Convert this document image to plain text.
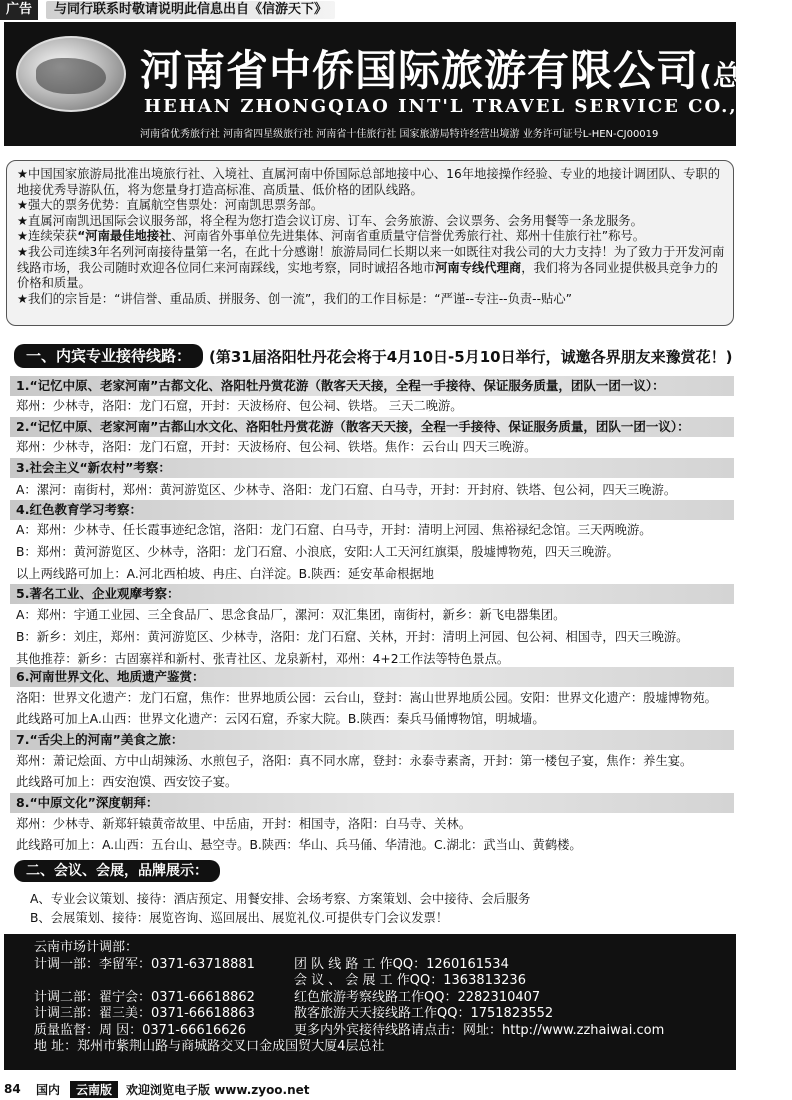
广告	与同行联系时敬请说明此信息出自《信游天下》
河南省中侨国际旅游有限公司(总社)
HEHAN ZHONGQIAO INT'L TRAVEL SERVICE CO., LTD
河南省优秀旅行社 河南省四星级旅行社 河南省十佳旅行社 国家旅游局特许经营出境游 业务许可证号L-HEN-CJ00019

★中国国家旅游局批准出境旅行社、入境社、直属河南中侨国际总部地接中心、16年地接操作经验、专业的地接计调团队、专职的地接优秀导游队伍，将为您量身打造高标准、高质量、低价格的团队线路。

★强大的票务优势：直属航空售票处：河南凯思票务部。

★直属河南凯迅国际会议服务部，将全程为您打造会议订房、订车、会务旅游、会议票务、会务用餐等一条龙服务。

★连续荣获“河南最佳地接社、河南省外事单位先进集体、河南省重质量守信誉优秀旅行社、郑州十佳旅行社”称号。

★我公司连续3年名列河南接待量第一名，在此十分感谢！旅游局同仁长期以来一如既往对我公司的大力支持！为了致力于开发河南线路市场，我公司随时欢迎各位同仁来河南踩线，实地考察，同时诚招各地市河南专线代理商，我们将为各同业提供极具竞争力的价格和质量。

★我们的宗旨是：“讲信誉、重品质、拼服务、创一流”，我们的工作目标是：“严谨--专注--负责--贴心”

一、内宾专业接待线路：	(第31届洛阳牡丹花会将于4月10日-5月10日举行，诚邀各界朋友来豫赏花！)
1.“记忆中原、老家河南”古都文化、洛阳牡丹赏花游（散客天天接，全程一手接待、保证服务质量，团队一团一议）：
郑州：少林寺，洛阳：龙门石窟，开封：天波杨府、包公祠、铁塔。 三天二晚游。
2.“记忆中原、老家河南”古都山水文化、洛阳牡丹赏花游（散客天天接，全程一手接待、保证服务质量，团队一团一议）：
郑州：少林寺，洛阳：龙门石窟，开封：天波杨府、包公祠、铁塔。焦作：云台山 四天三晚游。
3.社会主义“新农村”考察：
A：漯河：南街村，郑州：黄河游览区、少林寺、洛阳：龙门石窟、白马寺，开封：开封府、铁塔、包公祠，四天三晚游。
4.红色教育学习考察：
A：郑州：少林寺、任长霞事迹纪念馆，洛阳：龙门石窟、白马寺，开封：清明上河园、焦裕禄纪念馆。三天两晚游。
B：郑州：黄河游览区、少林寺，洛阳：龙门石窟、小浪底，安阳:人工天河红旗渠，殷墟博物苑，四天三晚游。
以上两线路可加上：A.河北西柏坡、冉庄、白洋淀。B.陕西：延安革命根据地
5.著名工业、企业观摩考察：
A：郑州：宇通工业园、三全食品厂、思念食品厂，漯河：双汇集团，南街村，新乡：新飞电器集团。
B：新乡：刘庄，郑州：黄河游览区、少林寺，洛阳：龙门石窟、关林，开封：清明上河园、包公祠、相国寺，四天三晚游。
其他推荐：新乡：古固寨祥和新村、张青社区、龙泉新村，邓州：4+2工作法等特色景点。
6.河南世界文化、地质遗产鉴赏：
洛阳：世界文化遗产：龙门石窟，焦作：世界地质公园：云台山，登封：嵩山世界地质公园。安阳：世界文化遗产：殷墟博物苑。
此线路可加上A.山西：世界文化遗产：云冈石窟，乔家大院。B.陕西：秦兵马俑博物馆，明城墙。
7.“舌尖上的河南”美食之旅：
郑州：萧记烩面、方中山胡辣汤、水煎包子，洛阳：真不同水席，登封：永泰寺素斋，开封：第一楼包子宴，焦作：养生宴。
此线路可加上：西安泡馍、西安饺子宴。
8.“中原文化”深度朝拜：
郑州：少林寺、新郑轩辕黄帝故里、中岳庙，开封：相国寺，洛阳：白马寺、关林。
此线路可加上：A.山西：五台山、悬空寺。B.陕西：华山、兵马俑、华清池。C.湖北：武当山、黄鹤楼。
二、会议、会展，品牌展示：
A、专业会议策划、接待：酒店预定、用餐安排、会场考察、方案策划、会中接待、会后服务
B、会展策划、接待：展览咨询、巡回展出、展览礼仪.可提供专门会议发票！
云南市场计调部：
计调一部：李留军：0371-63718881	团 队 线 路 工 作QQ：1260161534
会 议 、 会 展 工 作QQ：1363813236
计调二部：翟宁会：0371-66618862	红色旅游考察线路工作QQ：2282310407
计调三部：翟三美：0371-66618863	散客旅游天天接线路工作QQ：1751823552
质量监督：周 因：0371-66616626	更多内外宾接待线路请点击：网址：http://www.zzhaiwai.com
地 址：郑州市紫荆山路与商城路交叉口金成国贸大厦4层总社
84	国内	云南版	欢迎浏览电子版 www.zyoo.net
